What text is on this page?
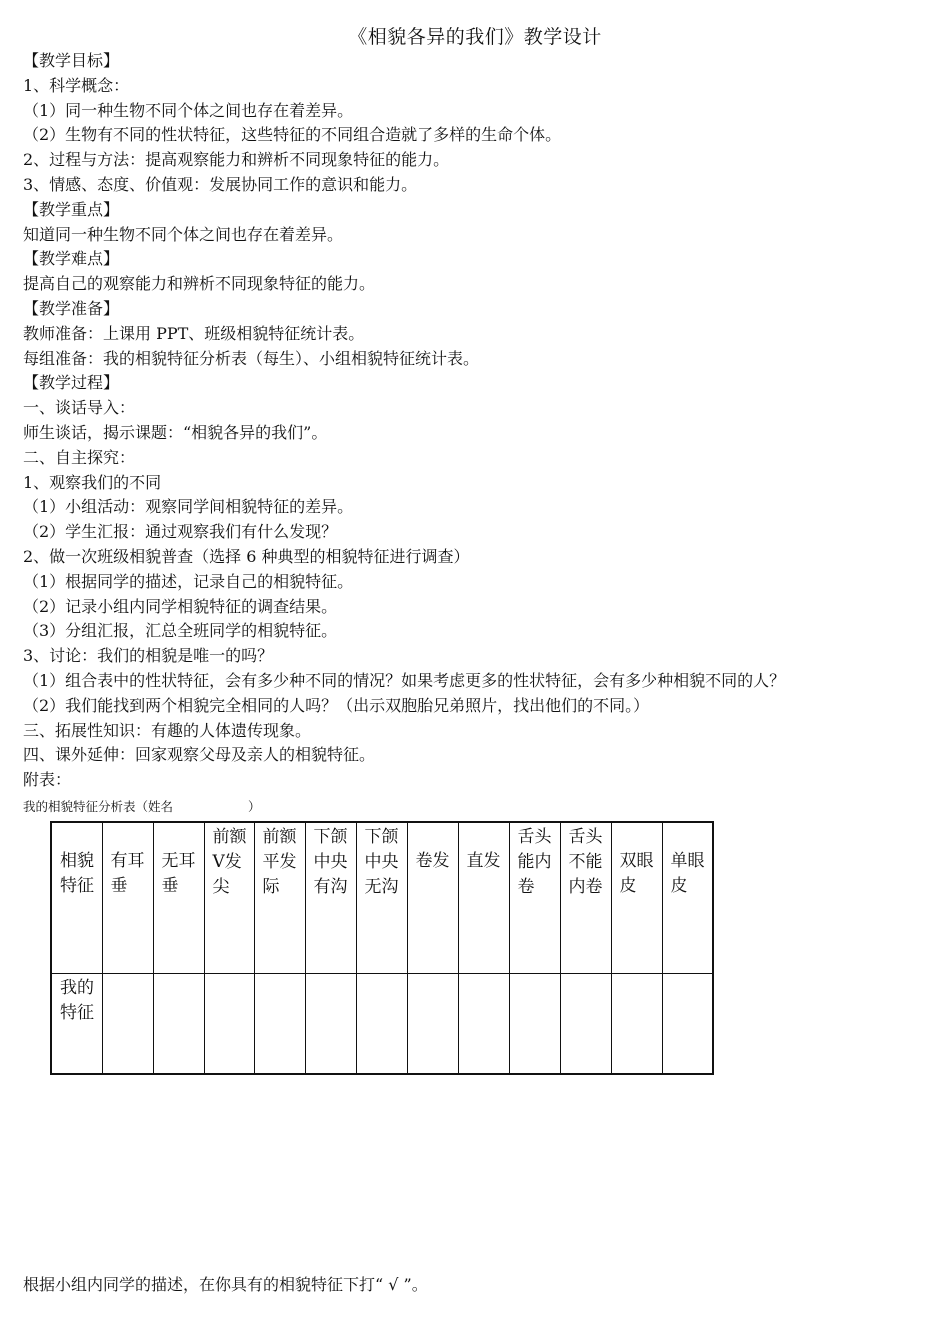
《相貌各异的我们》教学设计
【教学目标】
1、科学概念：
（1）同一种生物不同个体之间也存在着差异。
（2）生物有不同的性状特征，这些特征的不同组合造就了多样的生命个体。
2、过程与方法：提高观察能力和辨析不同现象特征的能力。
3、情感、态度、价值观：发展协同工作的意识和能力。
【教学重点】
知道同一种生物不同个体之间也存在着差异。
【教学难点】
提高自己的观察能力和辨析不同现象特征的能力。
【教学准备】
教师准备：上课用 PPT、班级相貌特征统计表。
每组准备：我的相貌特征分析表（每生）、小组相貌特征统计表。
【教学过程】
一、谈话导入：
师生谈话，揭示课题：“相貌各异的我们”。
二、自主探究：
1、观察我们的不同
（1）小组活动：观察同学间相貌特征的差异。
（2）学生汇报：通过观察我们有什么发现？
2、做一次班级相貌普查（选择 6 种典型的相貌特征进行调查）
（1）根据同学的描述，记录自己的相貌特征。
（2）记录小组内同学相貌特征的调查结果。
（3）分组汇报，汇总全班同学的相貌特征。
3、讨论：我们的相貌是唯一的吗？
（1）组合表中的性状特征，会有多少种不同的情况？如果考虑更多的性状特征，会有多少种相貌不同的人？
（2）我们能找到两个相貌完全相同的人吗？（出示双胞胎兄弟照片，找出他们的不同。）
三、拓展性知识：有趣的人体遗传现象。
四、课外延伸：回家观察父母及亲人的相貌特征。
附表：
我的相貌特征分析表（姓名　　　　　　）
相貌特征	有耳垂	无耳垂	前额V发尖	前额平发际	下颌中央有沟	下颌中央无沟	卷发	直发	舌头能内卷	舌头不能内卷	双眼皮	单眼皮

我的特征												

根据小组内同学的描述，在你具有的相貌特征下打“ √ ”。
